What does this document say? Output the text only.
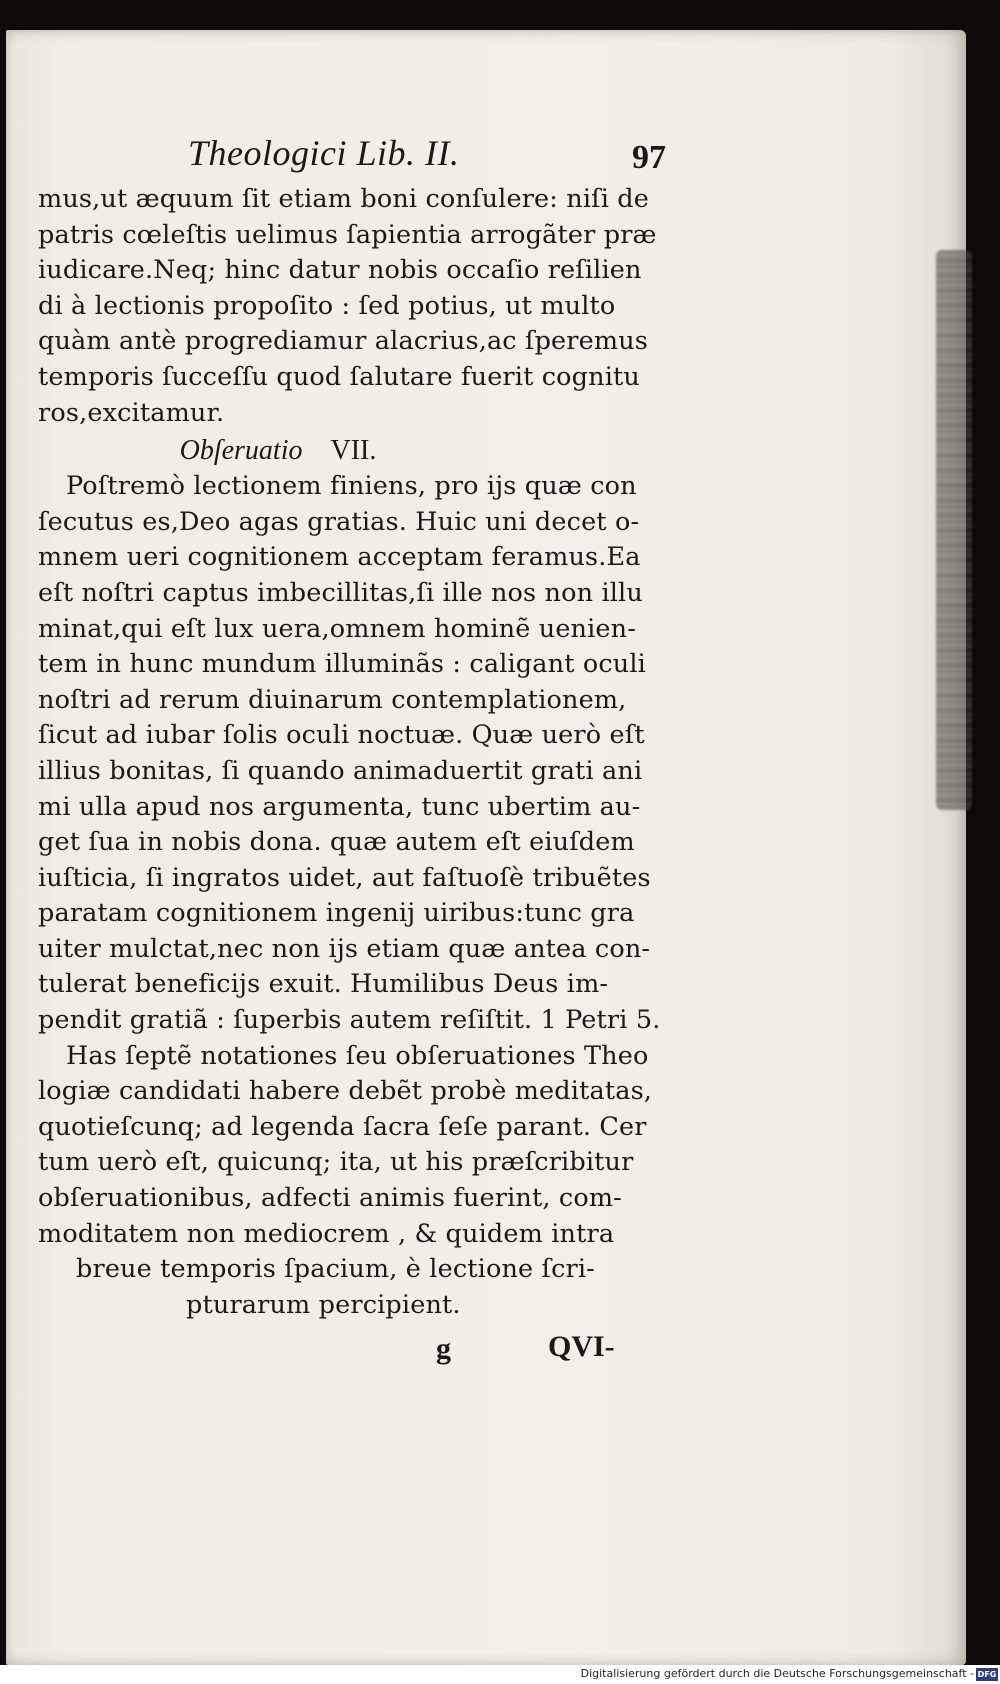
Theologici Lib. II.	97
mus,ut æquum ſit etiam boni conſulere: niſi de
patris cœleſtis uelimus ſapientia arrogãter præ
iudicare.Neq; hinc datur nobis occaſio reſilien
di à lectionis propoſito : ſed potius, ut multo
quàm antè progrediamur alacrius,ac ſperemus
temporis ſucceſſu quod ſalutare fuerit cognitu
ros,excitamur.
Obſeruatio VII.
Poſtremò lectionem finiens, pro ijs quæ con
ſecutus es,Deo agas gratias. Huic uni decet o-
mnem ueri cognitionem acceptam feramus.Ea
eſt noſtri captus imbecillitas,ſi ille nos non illu
minat,qui eſt lux uera,omnem hominẽ uenien-
tem in hunc mundum illuminãs : caligant oculi
noſtri ad rerum diuinarum contemplationem,
ſicut ad iubar ſolis oculi noctuæ. Quæ uerò eſt
illius bonitas, ſi quando animaduertit grati ani
mi ulla apud nos argumenta, tunc ubertim au-
get ſua in nobis dona. quæ autem eſt eiuſdem
iuſticia, ſi ingratos uidet, aut faſtuoſè tribuẽtes
paratam cognitionem ingenij uiribus:tunc gra
uiter mulctat,nec non ijs etiam quæ antea con-
tulerat beneficijs exuit. Humilibus Deus im-
pendit gratiã : ſuperbis autem reſiſtit. 1 Petri 5.
Has ſeptẽ notationes ſeu obſeruationes Theo
logiæ candidati habere debẽt probè meditatas,
quotieſcunq; ad legenda ſacra ſeſe parant. Cer
tum uerò eſt, quicunq; ita, ut his præſcribitur
obſeruationibus, adfecti animis fuerint, com-
moditatem non mediocrem , & quidem intra
breue temporis ſpacium, è lectione ſcri-
pturarum percipient.
g	QVI-
Digitalisierung gefördert durch die Deutsche Forschungsgemeinschaft - DFG
